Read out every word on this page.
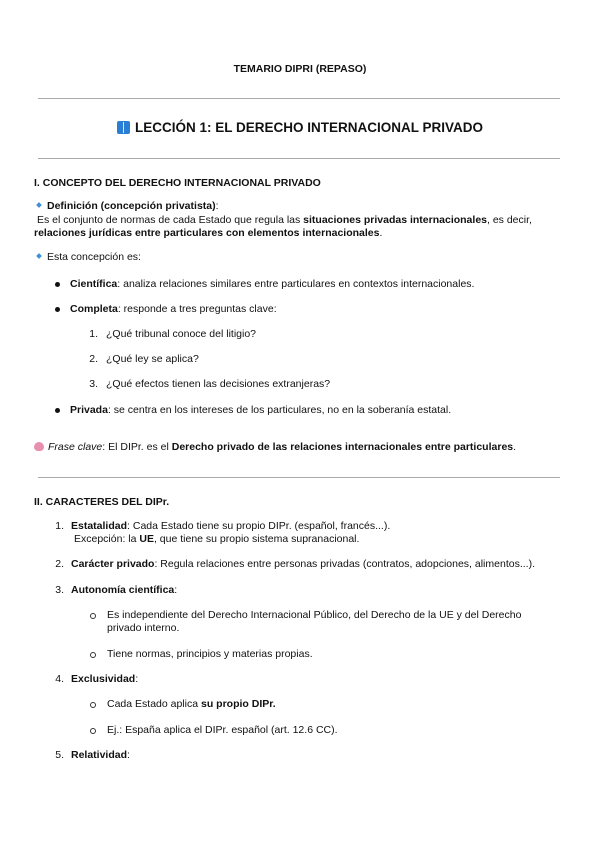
TEMARIO DIPRI (REPASO)
LECCIÓN 1: EL DERECHO INTERNACIONAL PRIVADO
I. CONCEPTO DEL DERECHO INTERNACIONAL PRIVADO
Definición (concepción privatista):
Es el conjunto de normas de cada Estado que regula las situaciones privadas internacionales, es decir,
relaciones jurídicas entre particulares con elementos internacionales.
Esta concepción es:
Científica: analiza relaciones similares entre particulares en contextos internacionales.
Completa: responde a tres preguntas clave:
1. ¿Qué tribunal conoce del litigio?
2. ¿Qué ley se aplica?
3. ¿Qué efectos tienen las decisiones extranjeras?
Privada: se centra en los intereses de los particulares, no en la soberanía estatal.
Frase clave: El DIPr. es el Derecho privado de las relaciones internacionales entre particulares.
II. CARACTERES DEL DIPr.
1. Estatalidad: Cada Estado tiene su propio DIPr. (español, francés...).
Excepción: la UE, que tiene su propio sistema supranacional.
2. Carácter privado: Regula relaciones entre personas privadas (contratos, adopciones, alimentos...).
3. Autonomía científica:
Es independiente del Derecho Internacional Público, del Derecho de la UE y del Derecho
privado interno.
Tiene normas, principios y materias propias.
4. Exclusividad:
Cada Estado aplica su propio DIPr.
Ej.: España aplica el DIPr. español (art. 12.6 CC).
5. Relatividad:
